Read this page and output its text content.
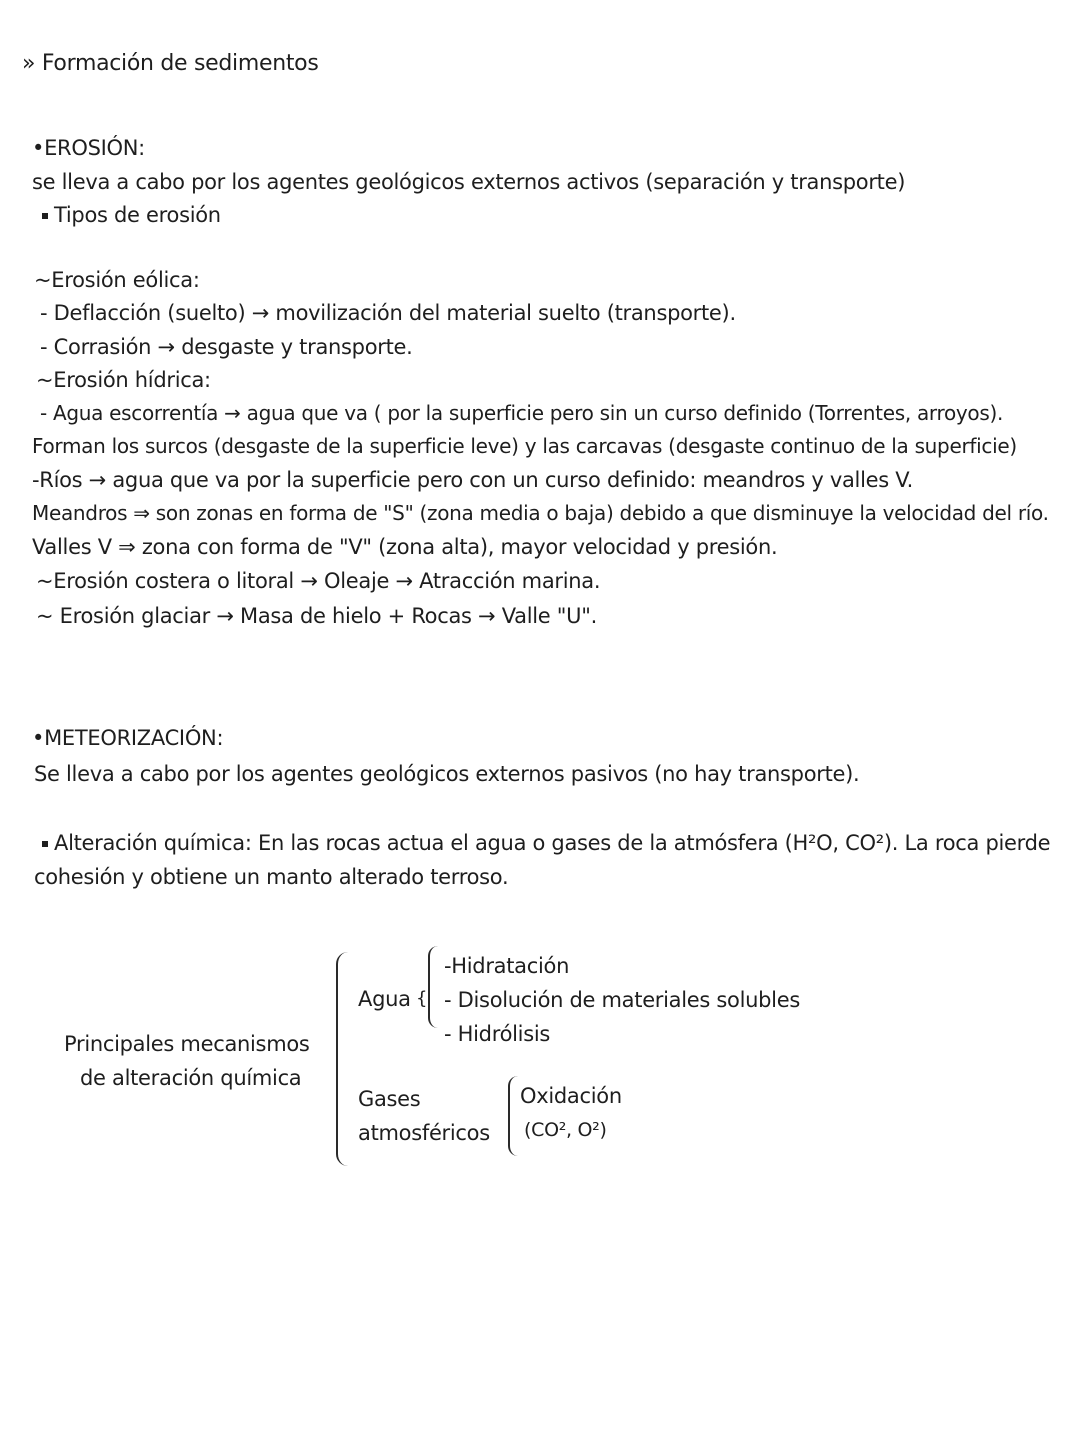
» Formación de sedimentos
•EROSIÓN:
se lleva a cabo por los agentes geológicos externos activos (separación y transporte)
Tipos de erosión
~Erosión eólica:
- Deflacción (suelto) → movilización del material suelto (transporte).
- Corrasión → desgaste y transporte.
~Erosión hídrica:
- Agua escorrentía → agua que va ( por la superficie pero sin un curso definido (Torrentes, arroyos).
Forman los surcos (desgaste de la superficie leve) y las carcavas (desgaste continuo de la superficie)
-Ríos → agua que va por la superficie pero con un curso definido: meandros y valles V.
Meandros ⇒ son zonas en forma de "S" (zona media o baja) debido a que disminuye la velocidad del río.
Valles V ⇒ zona con forma de "V" (zona alta), mayor velocidad y presión.
~Erosión costera o litoral → Oleaje → Atracción marina.
~ Erosión glaciar → Masa de hielo + Rocas → Valle "U".
•METEORIZACIÓN:
Se lleva a cabo por los agentes geológicos externos pasivos (no hay transporte).
Alteración química: En las rocas actua el agua o gases de la atmósfera (H²O, CO²). La roca pierde
cohesión y obtiene un manto alterado terroso.
Principales mecanismos
de alteración química
Agua {
-Hidratación
- Disolución de materiales solubles
- Hidrólisis
Gases
atmosféricos
Oxidación
(CO², O²)
